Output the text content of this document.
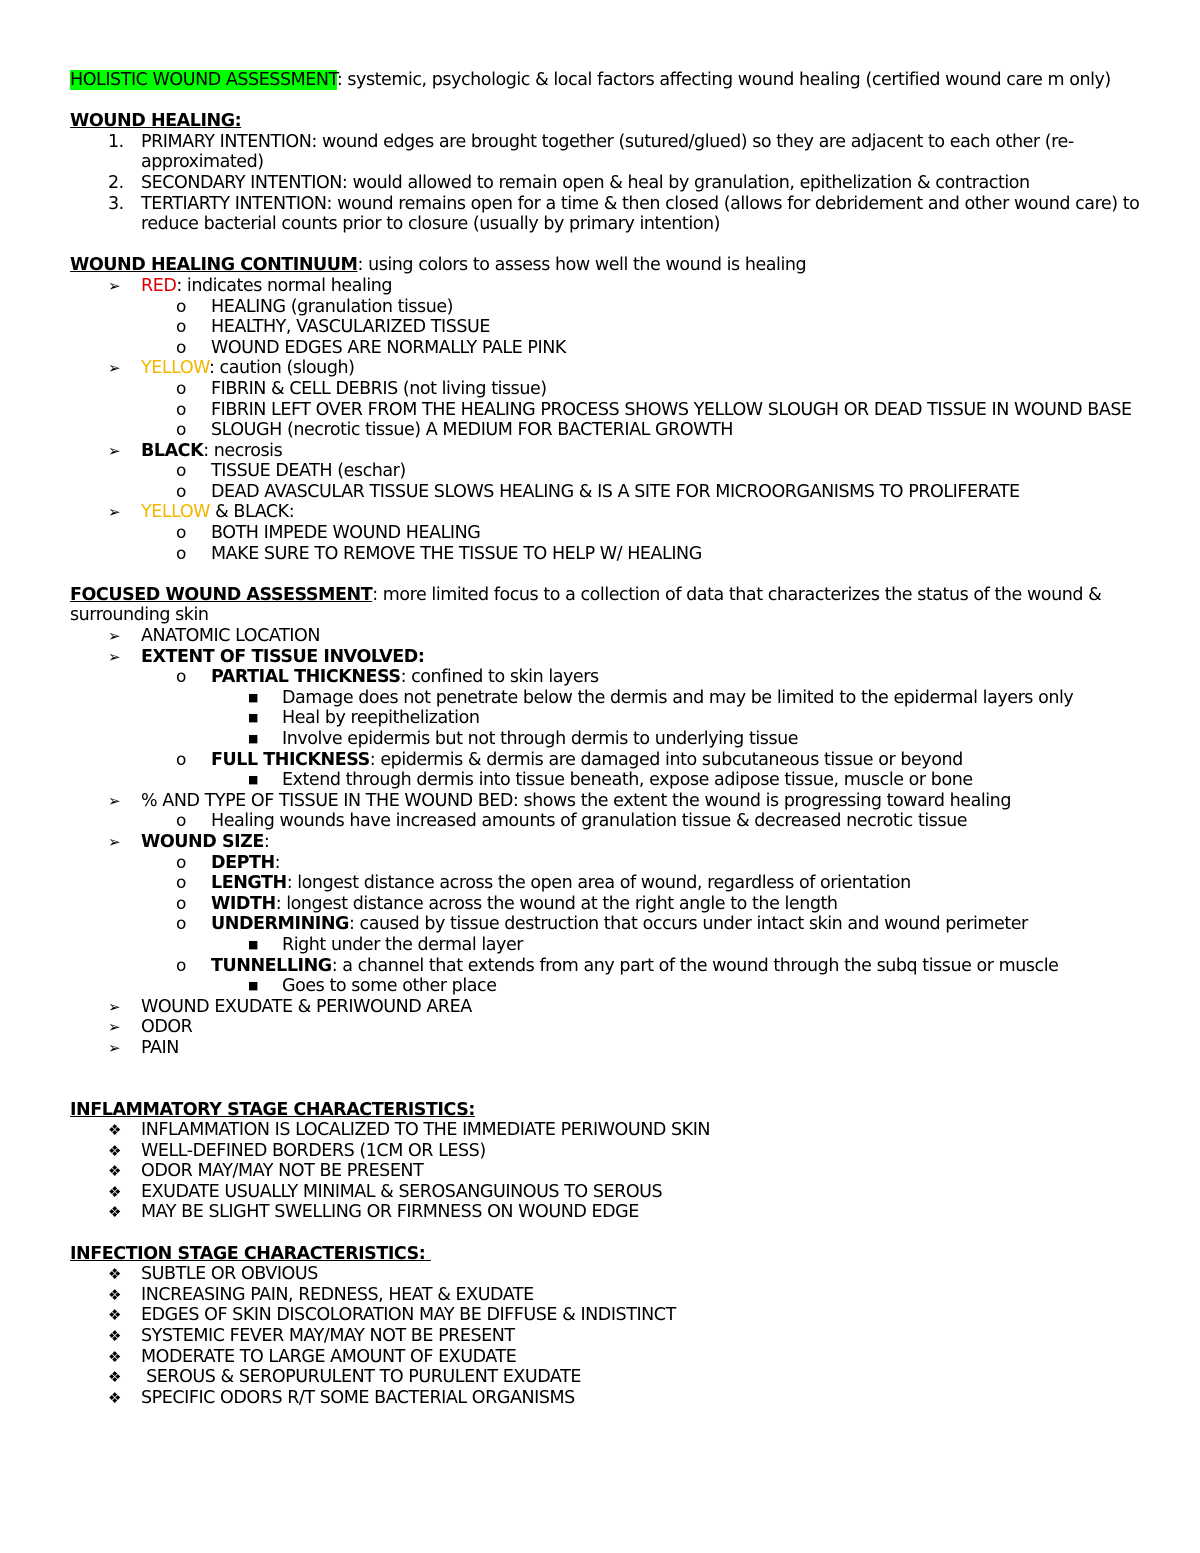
HOLISTIC WOUND ASSESSMENT: systemic, psychologic & local factors affecting wound healing (certified wound care m only)

WOUND HEALING:
1. PRIMARY INTENTION: wound edges are brought together (sutured/glued) so they are adjacent to each other (re-approximated)
2. SECONDARY INTENTION: would allowed to remain open & heal by granulation, epithelization & contraction
3. TERTIARTY INTENTION: wound remains open for a time & then closed (allows for debridement and other wound care) to reduce bacterial counts prior to closure (usually by primary intention)
WOUND HEALING CONTINUUM: using colors to assess how well the wound is healing
➢ RED: indicates normal healing
o HEALING (granulation tissue)
o HEALTHY, VASCULARIZED TISSUE
o WOUND EDGES ARE NORMALLY PALE PINK
➢ YELLOW: caution (slough)
o FIBRIN & CELL DEBRIS (not living tissue)
o FIBRIN LEFT OVER FROM THE HEALING PROCESS SHOWS YELLOW SLOUGH OR DEAD TISSUE IN WOUND BASE
o SLOUGH (necrotic tissue) A MEDIUM FOR BACTERIAL GROWTH
➢ BLACK: necrosis
o TISSUE DEATH (eschar)
o DEAD AVASCULAR TISSUE SLOWS HEALING & IS A SITE FOR MICROORGANISMS TO PROLIFERATE
➢ YELLOW & BLACK:
o BOTH IMPEDE WOUND HEALING
o MAKE SURE TO REMOVE THE TISSUE TO HELP W/ HEALING

FOCUSED WOUND ASSESSMENT: more limited focus to a collection of data that characterizes the status of the wound & surrounding skin

➢ ANATOMIC LOCATION
➢ EXTENT OF TISSUE INVOLVED:
o PARTIAL THICKNESS: confined to skin layers
■ Damage does not penetrate below the dermis and may be limited to the epidermal layers only
■ Heal by reepithelization
■ Involve epidermis but not through dermis to underlying tissue
o FULL THICKNESS: epidermis & dermis are damaged into subcutaneous tissue or beyond
■ Extend through dermis into tissue beneath, expose adipose tissue, muscle or bone
➢ % AND TYPE OF TISSUE IN THE WOUND BED: shows the extent the wound is progressing toward healing
o Healing wounds have increased amounts of granulation tissue & decreased necrotic tissue
➢ WOUND SIZE:
o DEPTH:
o LENGTH: longest distance across the open area of wound, regardless of orientation
o WIDTH: longest distance across the wound at the right angle to the length
o UNDERMINING: caused by tissue destruction that occurs under intact skin and wound perimeter
■ Right under the dermal layer
o TUNNELLING: a channel that extends from any part of the wound through the subq tissue or muscle
■ Goes to some other place
➢ WOUND EXUDATE & PERIWOUND AREA
➢ ODOR
➢ PAIN
INFLAMMATORY STAGE CHARACTERISTICS:
❖ INFLAMMATION IS LOCALIZED TO THE IMMEDIATE PERIWOUND SKIN
❖ WELL-DEFINED BORDERS (1CM OR LESS)
❖ ODOR MAY/MAY NOT BE PRESENT
❖ EXUDATE USUALLY MINIMAL & SEROSANGUINOUS TO SEROUS
❖ MAY BE SLIGHT SWELLING OR FIRMNESS ON WOUND EDGE
INFECTION STAGE CHARACTERISTICS:
❖ SUBTLE OR OBVIOUS
❖ INCREASING PAIN, REDNESS, HEAT & EXUDATE
❖ EDGES OF SKIN DISCOLORATION MAY BE DIFFUSE & INDISTINCT
❖ SYSTEMIC FEVER MAY/MAY NOT BE PRESENT
❖ MODERATE TO LARGE AMOUNT OF EXUDATE
❖ SEROUS & SEROPURULENT TO PURULENT EXUDATE
❖ SPECIFIC ODORS R/T SOME BACTERIAL ORGANISMS
